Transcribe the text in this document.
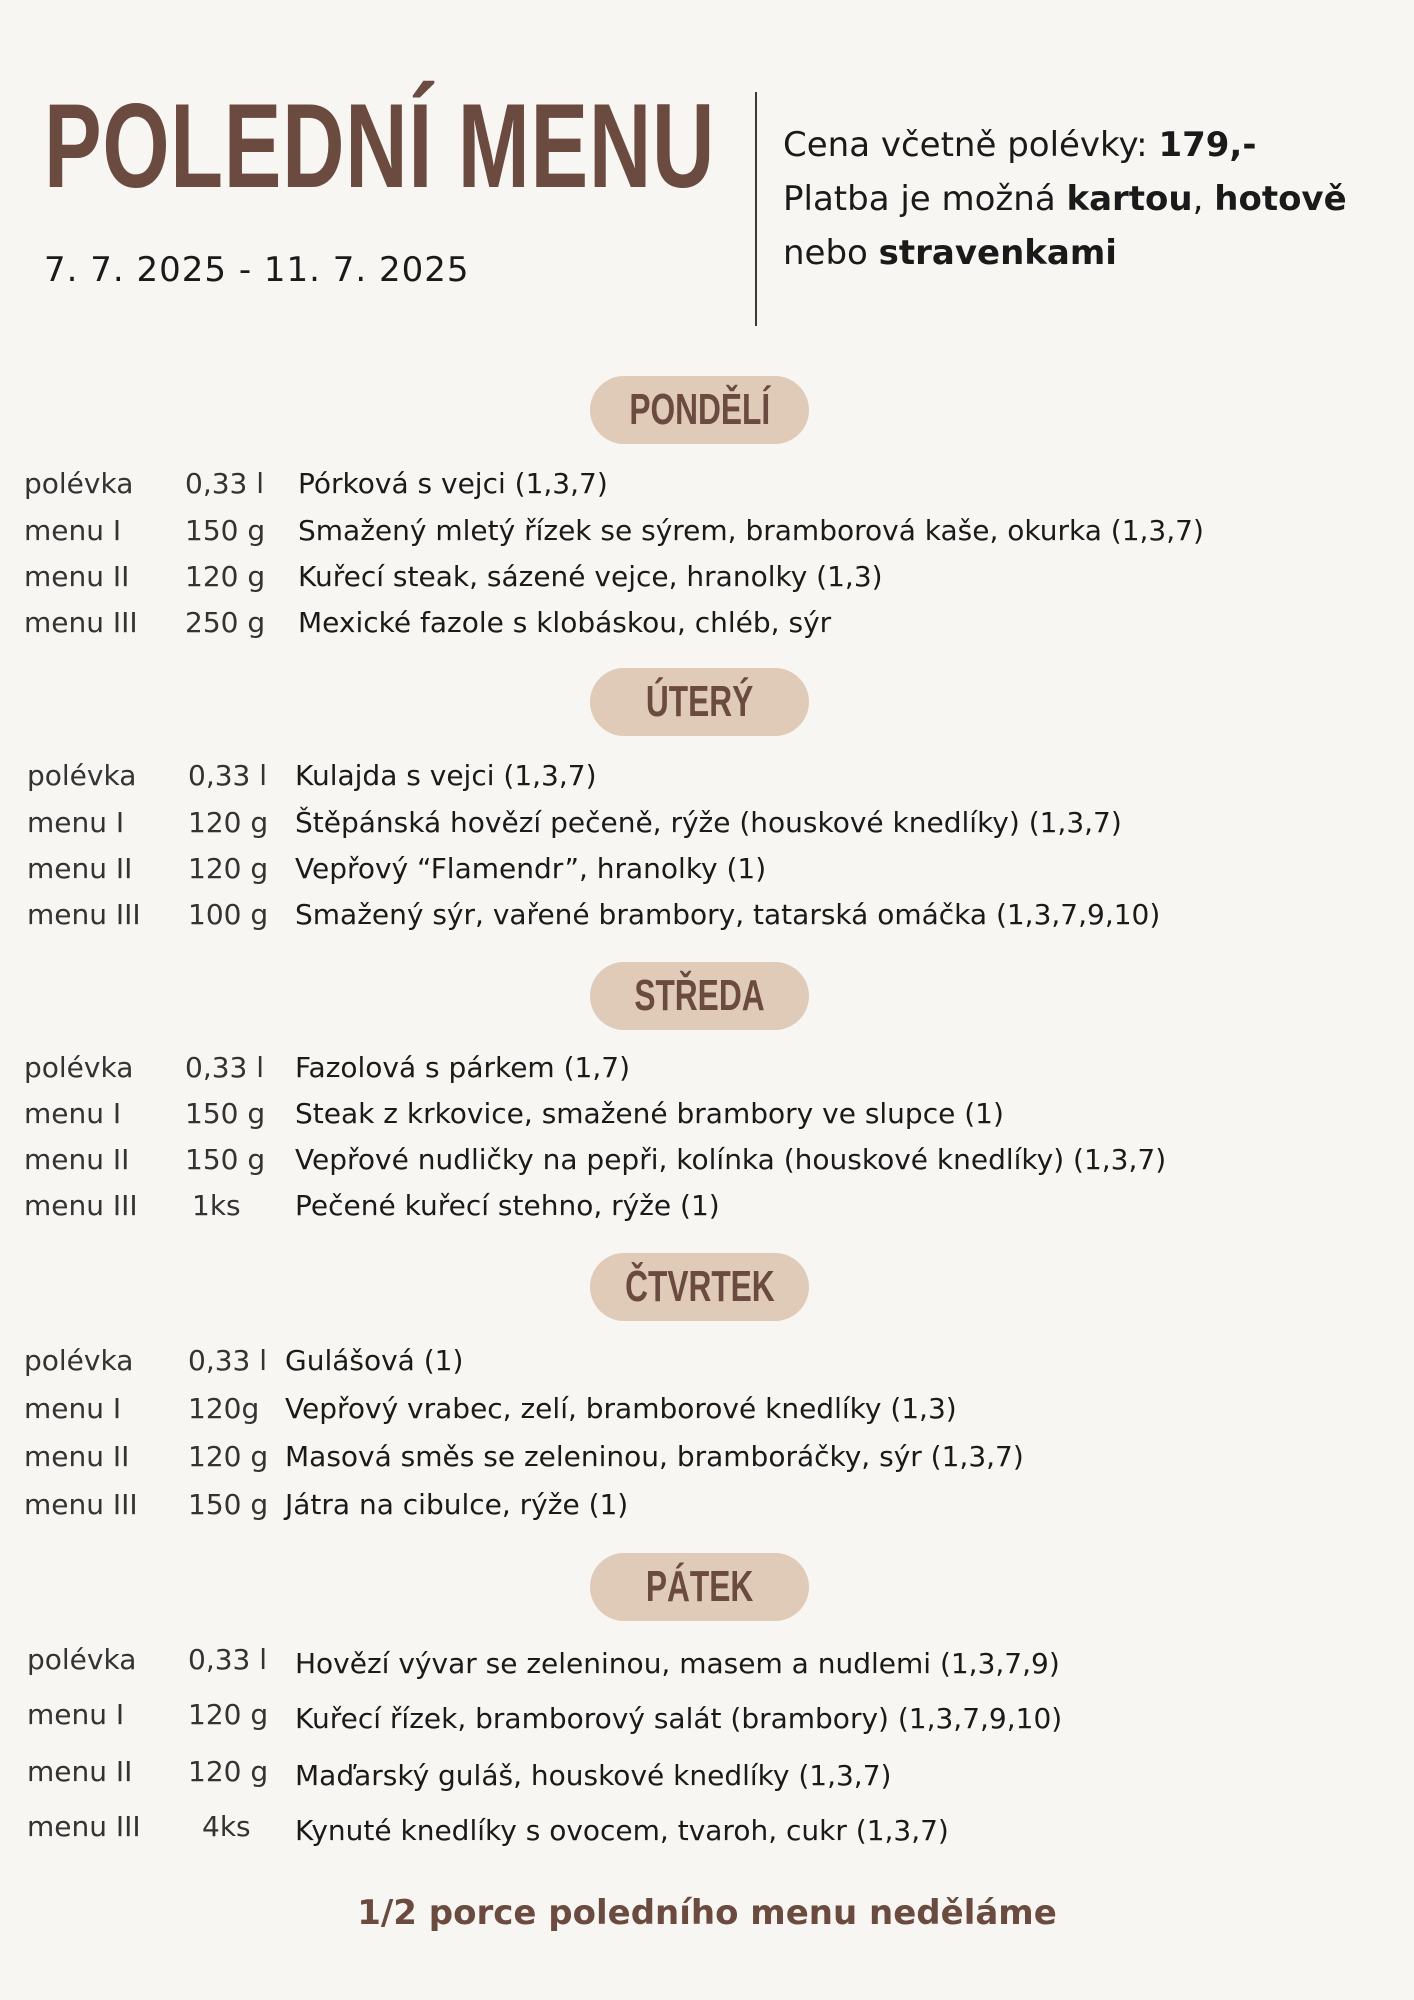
POLEDNÍ MENU
7. 7. 2025 - 11. 7. 2025
Cena včetně polévky: 179,-
Platba je možná kartou, hotově
nebo stravenkami
PONDĚLÍ
polévka 0,33 l Pórková s vejci (1,3,7)
menu I 150 g Smažený mletý řízek se sýrem, bramborová kaše, okurka (1,3,7)
menu II 120 g Kuřecí steak, sázené vejce, hranolky (1,3)
menu III 250 g Mexické fazole s klobáskou, chléb, sýr
ÚTERÝ
polévka 0,33 l Kulajda s vejci (1,3,7)
menu I 120 g Štěpánská hovězí pečeně, rýže (houskové knedlíky) (1,3,7)
menu II 120 g Vepřový “Flamendr”, hranolky (1)
menu III 100 g Smažený sýr, vařené brambory, tatarská omáčka (1,3,7,9,10)
STŘEDA
polévka 0,33 l Fazolová s párkem (1,7)
menu I 150 g Steak z krkovice, smažené brambory ve slupce (1)
menu II 150 g Vepřové nudličky na pepři, kolínka (houskové knedlíky) (1,3,7)
menu III 1ks Pečené kuřecí stehno, rýže (1)
ČTVRTEK
polévka 0,33 l Gulášová (1)
menu I 120g Vepřový vrabec, zelí, bramborové knedlíky (1,3)
menu II 120 g Masová směs se zeleninou, bramboráčky, sýr (1,3,7)
menu III 150 g Játra na cibulce, rýže (1)
PÁTEK
polévka 0,33 l Hovězí vývar se zeleninou, masem a nudlemi (1,3,7,9)
menu I 120 g Kuřecí řízek, bramborový salát (brambory) (1,3,7,9,10)
menu II 120 g Maďarský guláš, houskové knedlíky (1,3,7)
menu III 4ks Kynuté knedlíky s ovocem, tvaroh, cukr (1,3,7)
1/2 porce poledního menu neděláme
